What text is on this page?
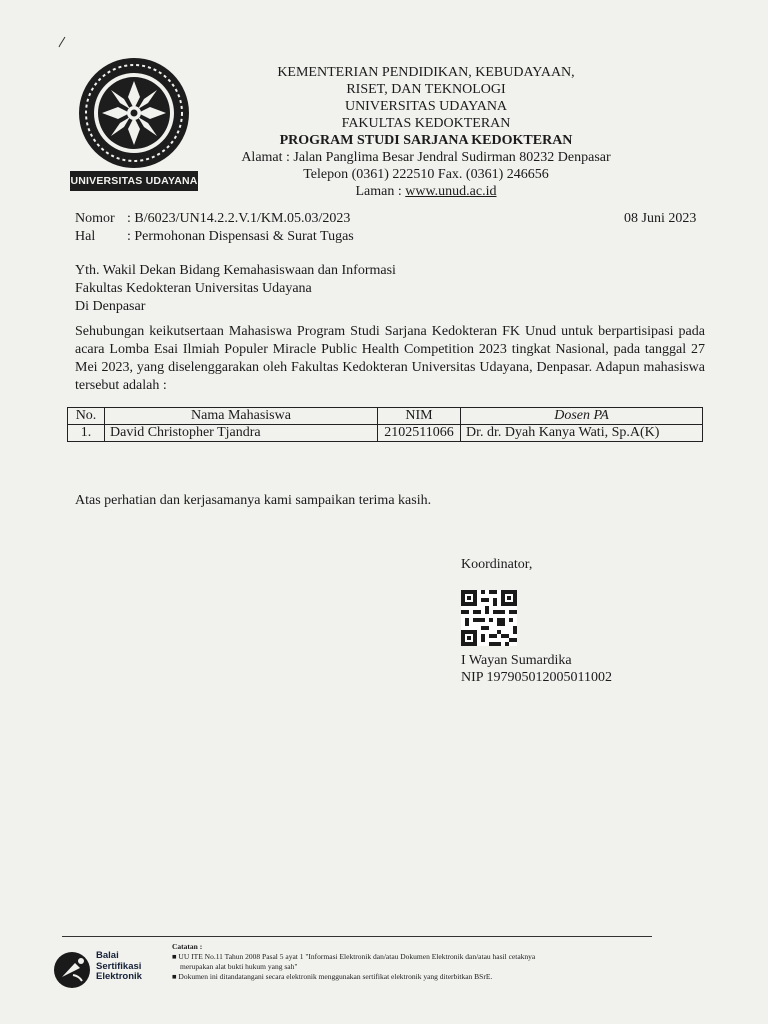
UNIVERSITAS UDAYANA
KEMENTERIAN PENDIDIKAN, KEBUDAYAAN,
RISET, DAN TEKNOLOGI
UNIVERSITAS UDAYANA
FAKULTAS KEDOKTERAN
PROGRAM STUDI SARJANA KEDOKTERAN
Alamat : Jalan Panglima Besar Jendral Sudirman 80232 Denpasar
Telepon (0361) 222510 Fax. (0361) 246656
Laman : www.unud.ac.id
Nomor : B/6023/UN14.2.2.V.1/KM.05.03/2023
Hal : Permohonan Dispensasi & Surat Tugas
08 Juni 2023
Yth. Wakil Dekan Bidang Kemahasiswaan dan Informasi
Fakultas Kedokteran Universitas Udayana
Di Denpasar
Sehubungan keikutsertaan Mahasiswa Program Studi Sarjana Kedokteran FK Unud untuk berpartisipasi pada acara Lomba Esai Ilmiah Populer Miracle Public Health Competition 2023 tingkat Nasional, pada tanggal 27 Mei 2023, yang diselenggarakan oleh Fakultas Kedokteran Universitas Udayana, Denpasar. Adapun mahasiswa tersebut adalah :
No.	Nama Mahasiswa	NIM	Dosen PA
1.	David Christopher Tjandra	2102511066	Dr. dr. Dyah Kanya Wati, Sp.A(K)
Atas perhatian dan kerjasamanya kami sampaikan terima kasih.
Koordinator,
I Wayan Sumardika
NIP 197905012005011002
Balai
Sertifikasi
Elektronik
Catatan :
■ UU ITE No.11 Tahun 2008 Pasal 5 ayat 1 "Informasi Elektronik dan/atau Dokumen Elektronik dan/atau hasil cetaknya
merupakan alat bukti hukum yang sah"
■ Dokumen ini ditandatangani secara elektronik menggunakan sertifikat elektronik yang diterbitkan BSrE.
